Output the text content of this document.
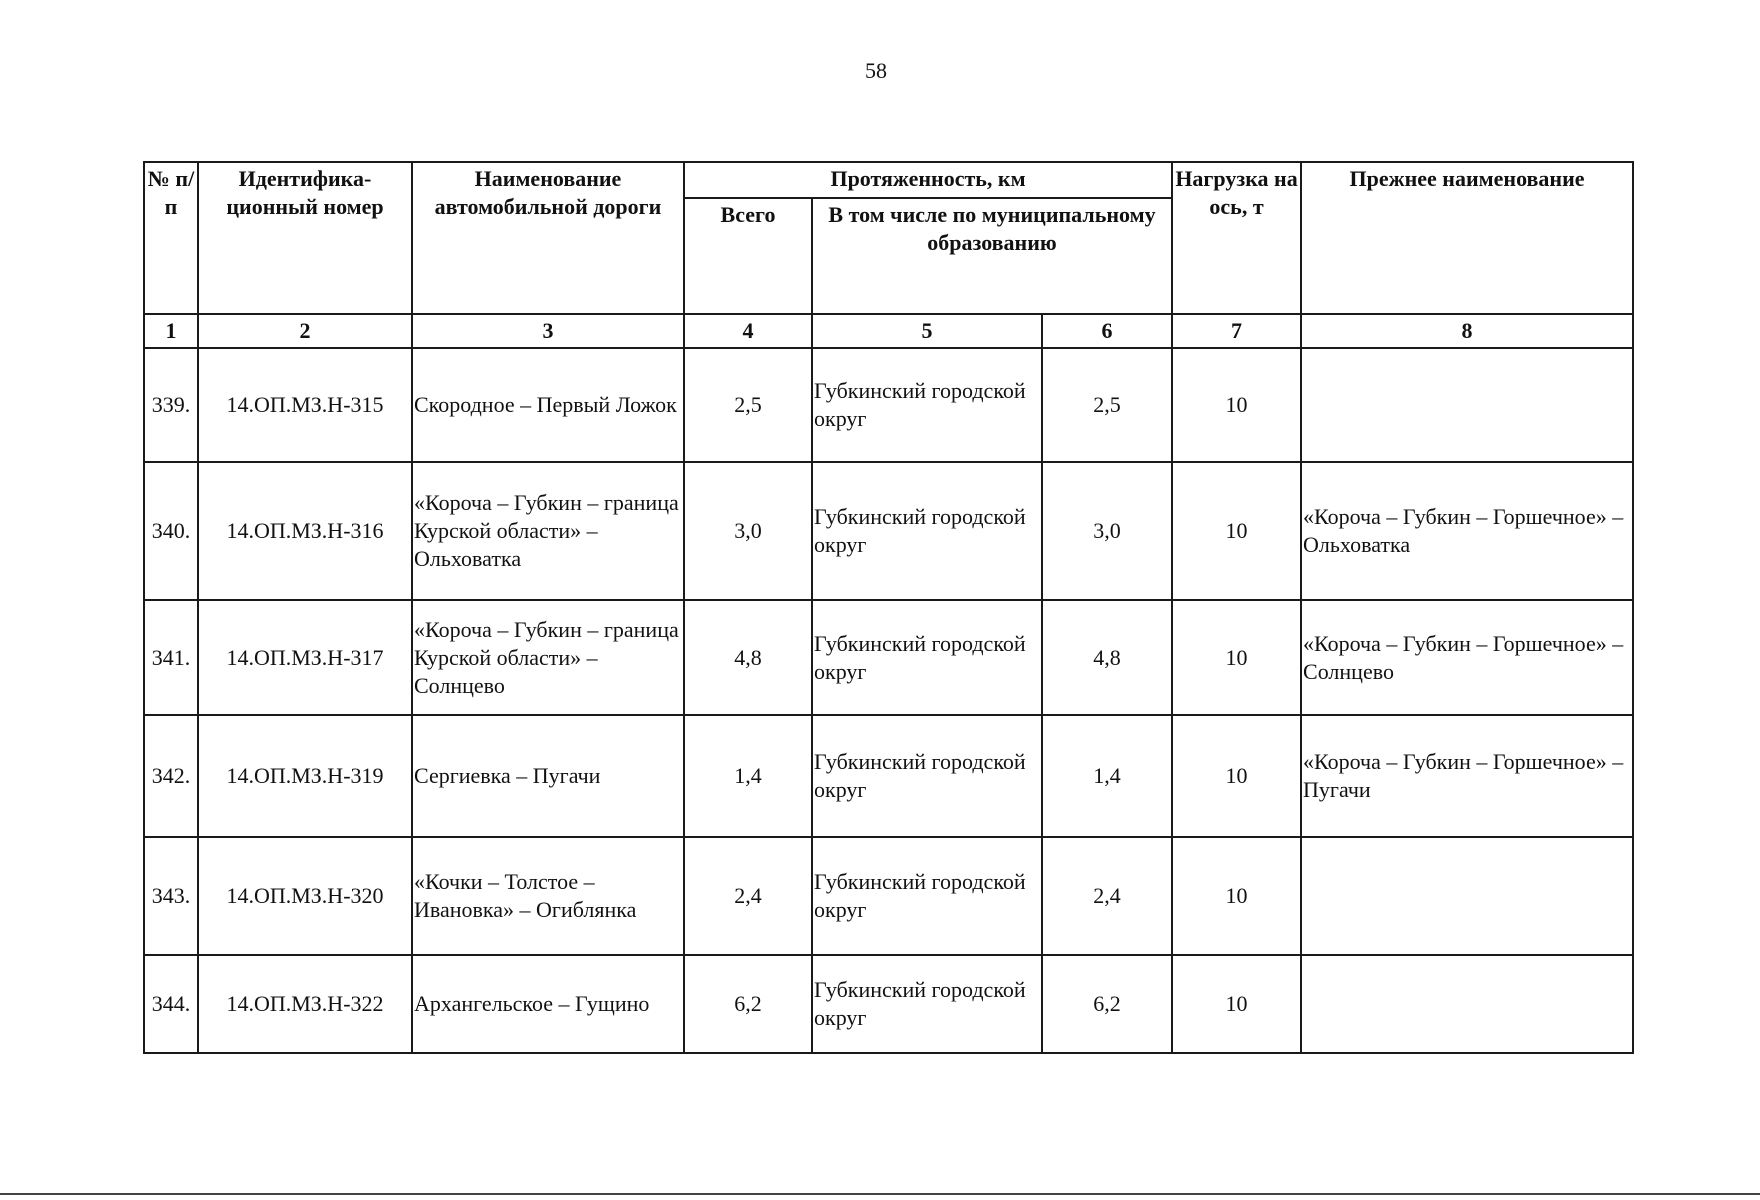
58
№ п/п	Идентифика-ционный номер	Наименование автомобильной дороги	Протяженность, км			Нагрузка на ось, т	Прежнее наименование
			Всего	В том числе по муниципальному образованию			
1	2	3	4	5	6	7	8
339.	14.ОП.МЗ.Н-315	Скородное – Первый Ложок	2,5	Губкинский городской округ	2,5	10	
340.	14.ОП.МЗ.Н-316	«Короча – Губкин – граница Курской области» – Ольховатка	3,0	Губкинский городской округ	3,0	10	«Короча – Губкин – Горшечное» – Ольховатка
341.	14.ОП.МЗ.Н-317	«Короча – Губкин – граница Курской области» – Солнцево	4,8	Губкинский городской округ	4,8	10	«Короча – Губкин – Горшечное» – Солнцево
342.	14.ОП.МЗ.Н-319	Сергиевка – Пугачи	1,4	Губкинский городской округ	1,4	10	«Короча – Губкин – Горшечное» – Пугачи
343.	14.ОП.МЗ.Н-320	«Кочки – Толстое – Ивановка» – Огиблянка	2,4	Губкинский городской округ	2,4	10	
344.	14.ОП.МЗ.Н-322	Архангельское – Гущино	6,2	Губкинский городской округ	6,2	10	
